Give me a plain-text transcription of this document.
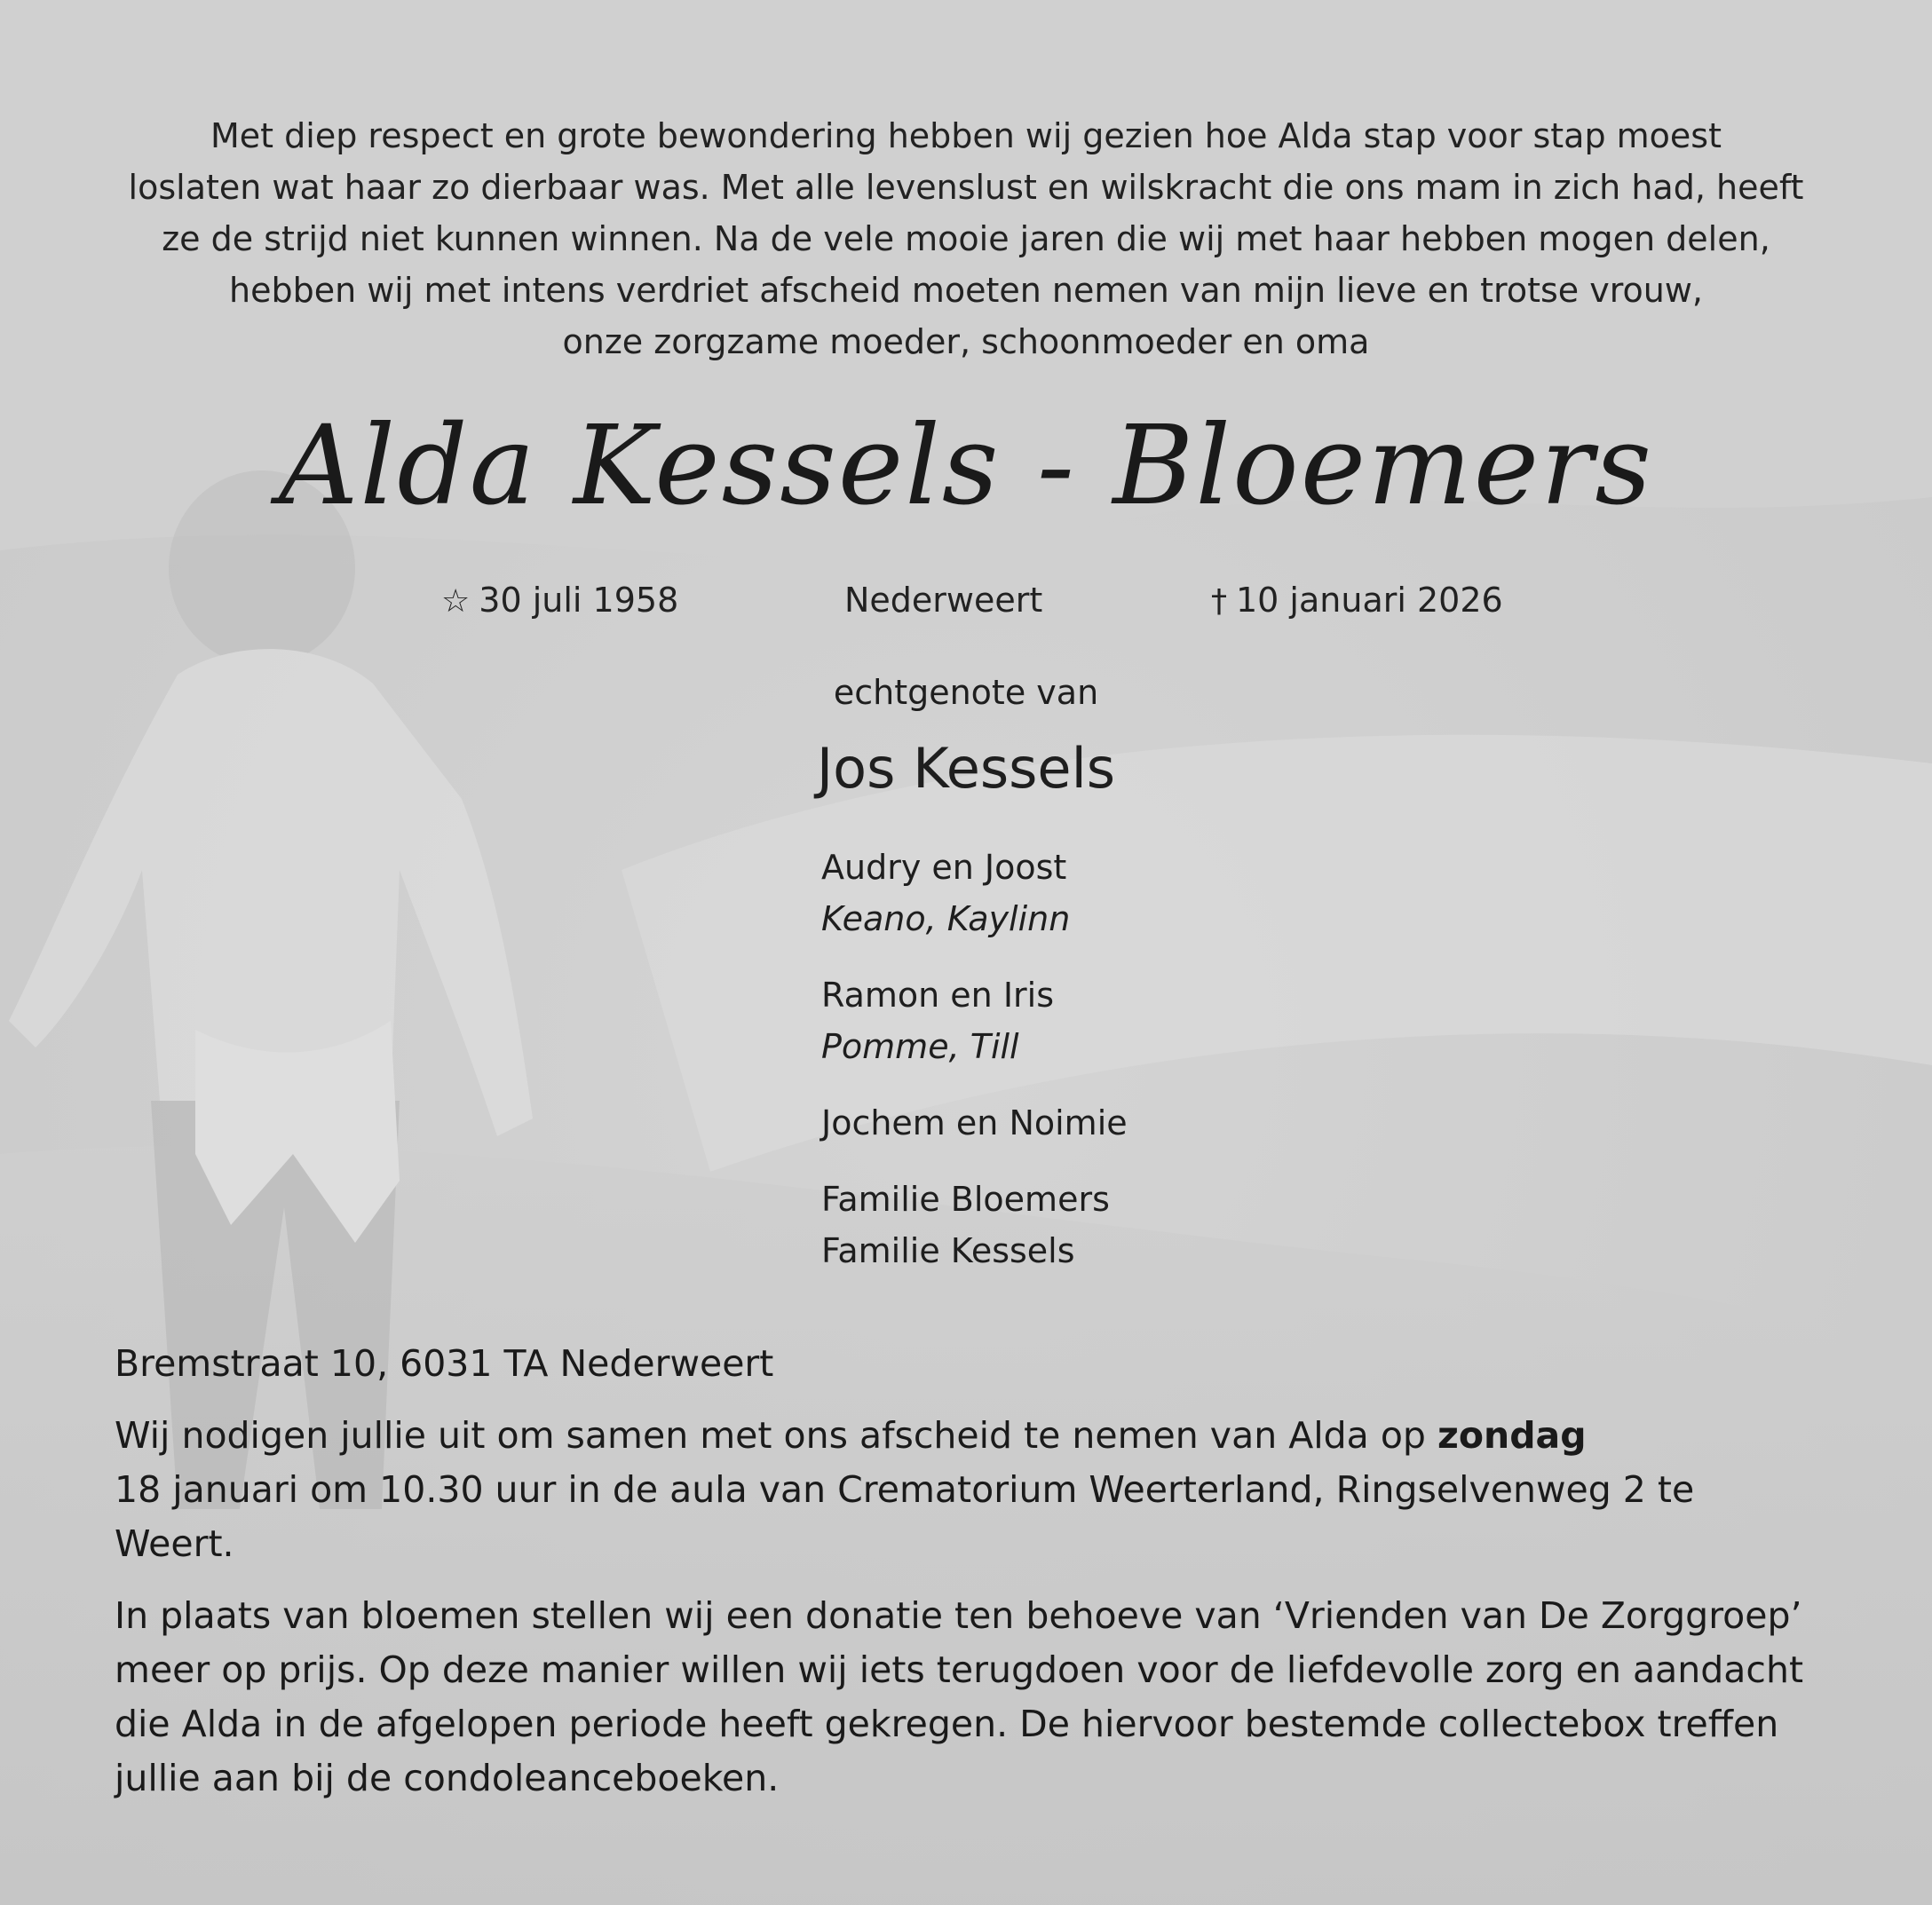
Met diep respect en grote bewondering hebben wij gezien hoe Alda stap voor stap moest
loslaten wat haar zo dierbaar was. Met alle levenslust en wilskracht die ons mam in zich had, heeft
ze de strijd niet kunnen winnen. Na de vele mooie jaren die wij met haar hebben mogen delen,
hebben wij met intens verdriet afscheid moeten nemen van mijn lieve en trotse vrouw,
onze zorgzame moeder, schoonmoeder en oma
Alda Kessels - Bloemers
☆ 30 juli 1958	Nederweert	† 10 januari 2026
echtgenote van
Jos Kessels
Audry en Joost
Keano, Kaylinn
Ramon en Iris
Pomme, Till
Jochem en Noimie
Familie Bloemers
Familie Kessels

Bremstraat 10, 6031 TA Nederweert

Wij nodigen jullie uit om samen met ons afscheid te nemen van Alda op zondag
18 januari om 10.30 uur in de aula van Crematorium Weerterland, Ringselvenweg 2 te Weert.

In plaats van bloemen stellen wij een donatie ten behoeve van ‘Vrienden van De Zorggroep’ meer op prijs. Op deze manier willen wij iets terugdoen voor de liefdevolle zorg en aandacht die Alda in de afgelopen periode heeft gekregen. De hiervoor bestemde collectebox treffen jullie aan bij de condoleanceboeken.
